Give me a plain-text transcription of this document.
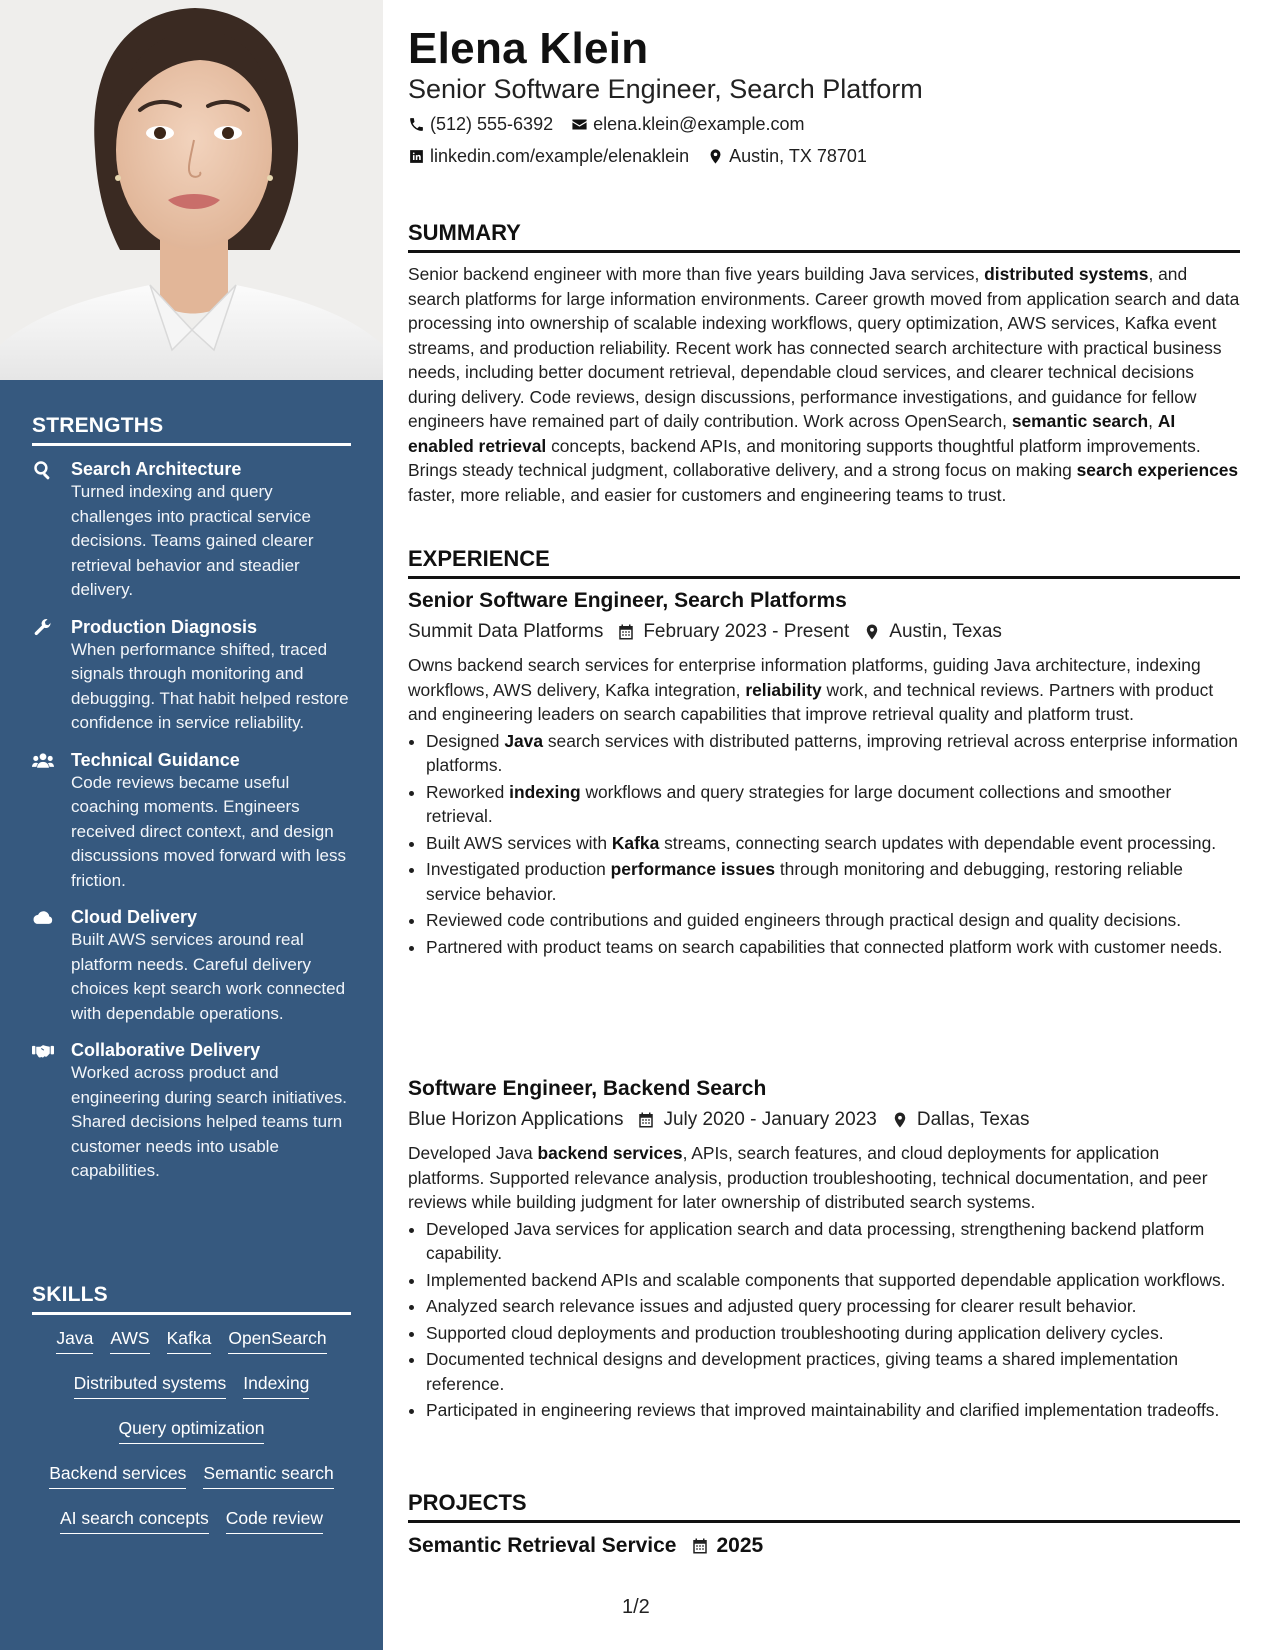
STRENGTHS
Search Architecture
Turned indexing and query challenges into practical service decisions. Teams gained clearer retrieval behavior and steadier delivery.
Production Diagnosis
When performance shifted, traced signals through monitoring and debugging. That habit helped restore confidence in service reliability.
Technical Guidance
Code reviews became useful coaching moments. Engineers received direct context, and design discussions moved forward with less friction.
Cloud Delivery
Built AWS services around real platform needs. Careful delivery choices kept search work connected with dependable operations.
Collaborative Delivery
Worked across product and engineering during search initiatives. Shared decisions helped teams turn customer needs into usable capabilities.
SKILLS
Java AWS Kafka OpenSearch
Distributed systems Indexing
Query optimization
Backend services Semantic search
AI search concepts Code review
Elena Klein
Senior Software Engineer, Search Platform
(512) 555-6392 elena.klein@example.com
linkedin.com/example/elenaklein Austin, TX 78701
SUMMARY

Senior backend engineer with more than five years building Java services, distributed systems, and search platforms for large information environments. Career growth moved from application search and data processing into ownership of scalable indexing workflows, query optimization, AWS services, Kafka event streams, and production reliability. Recent work has connected search architecture with practical business needs, including better document retrieval, dependable cloud services, and clearer technical decisions during delivery. Code reviews, design discussions, performance investigations, and guidance for fellow engineers have remained part of daily contribution. Work across OpenSearch, semantic search, AI enabled retrieval concepts, backend APIs, and monitoring supports thoughtful platform improvements. Brings steady technical judgment, collaborative delivery, and a strong focus on making search experiences faster, more reliable, and easier for customers and engineering teams to trust.

EXPERIENCE
Senior Software Engineer, Search Platforms
Summit Data Platforms February 2023 - Present Austin, Texas

Owns backend search services for enterprise information platforms, guiding Java architecture, indexing workflows, AWS delivery, Kafka integration, reliability work, and technical reviews. Partners with product and engineering leaders on search capabilities that improve retrieval quality and platform trust.

• Designed Java search services with distributed patterns, improving retrieval across enterprise information platforms.
• Reworked indexing workflows and query strategies for large document collections and smoother retrieval.
• Built AWS services with Kafka streams, connecting search updates with dependable event processing.
• Investigated production performance issues through monitoring and debugging, restoring reliable service behavior.
• Reviewed code contributions and guided engineers through practical design and quality decisions.
• Partnered with product teams on search capabilities that connected platform work with customer needs.
Software Engineer, Backend Search
Blue Horizon Applications July 2020 - January 2023 Dallas, Texas

Developed Java backend services, APIs, search features, and cloud deployments for application platforms. Supported relevance analysis, production troubleshooting, technical documentation, and peer reviews while building judgment for later ownership of distributed search systems.

• Developed Java services for application search and data processing, strengthening backend platform capability.
• Implemented backend APIs and scalable components that supported dependable application workflows.
• Analyzed search relevance issues and adjusted query processing for clearer result behavior.
• Supported cloud deployments and production troubleshooting during application delivery cycles.
• Documented technical designs and development practices, giving teams a shared implementation reference.
• Participated in engineering reviews that improved maintainability and clarified implementation tradeoffs.
PROJECTS
Semantic Retrieval Service 2025
1/2
